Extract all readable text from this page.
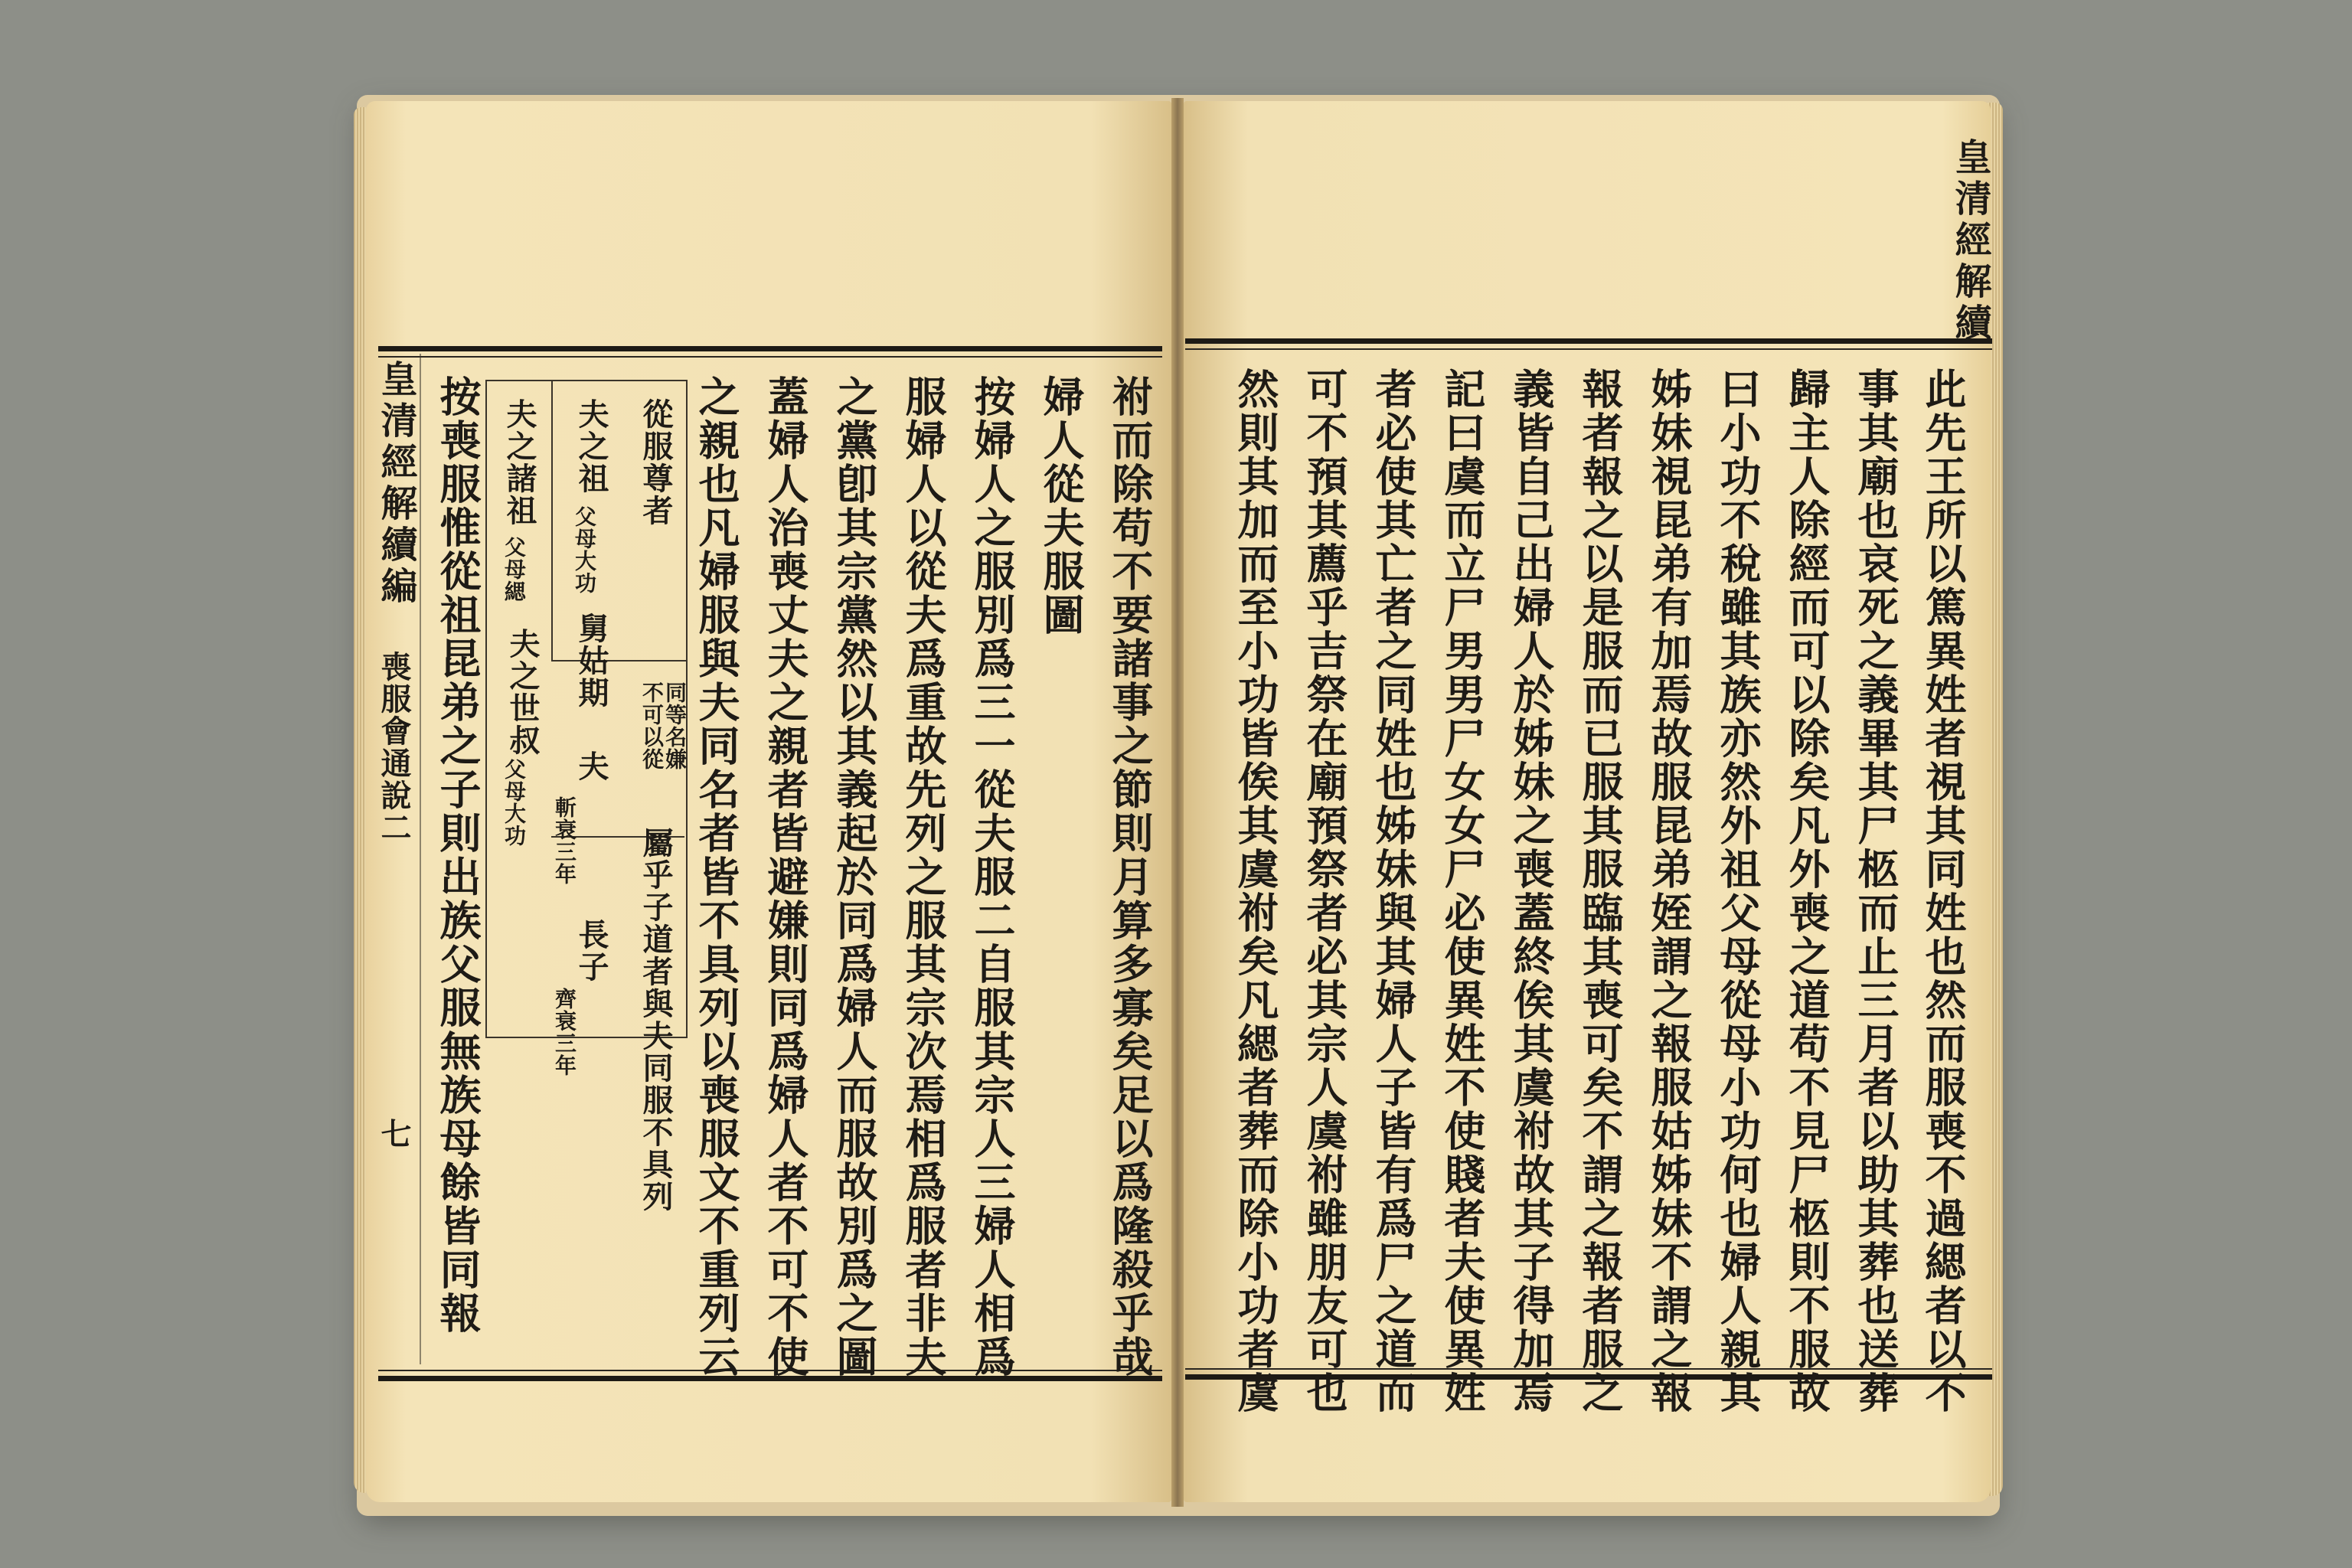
皇清經解續
此先王所以篤異姓者視其同姓也然而服喪不過緦者以不
事其廟也哀死之義畢其尸柩而止三月者以助其葬也送葬
歸主人除經而可以除矣凡外喪之道苟不見尸柩則不服故
曰小功不稅雖其族亦然外祖父母從母小功何也婦人親其
姊妹視昆弟有加焉故服昆弟姪謂之報服姑姊妹不謂之報
報者報之以是服而已服其服臨其喪可矣不謂之報者服之
義皆自己出婦人於姊妹之喪蓋終俟其虞祔故其子得加焉
記曰虞而立尸男男尸女女尸必使異姓不使賤者夫使異姓
者必使其亡者之同姓也姊妹與其婦人子皆有爲尸之道而
可不預其薦乎吉祭在廟預祭者必其宗人虞祔雖朋友可也
然則其加而至小功皆俟其虞祔矣凡緦者葬而除小功者虞
祔而除苟不要諸事之節則月算多寡矣足以爲隆殺乎哉
婦人從夫服圖
按婦人之服別爲三一從夫服二自服其宗人三婦人相爲
服婦人以從夫爲重故先列之服其宗次焉相爲服者非夫
之黨卽其宗黨然以其義起於同爲婦人而服故別爲之圖
蓋婦人治喪丈夫之親者皆避嫌則同爲婦人者不可不使
之親也凡婦服與夫同名者皆不具列以喪服文不重列云
從服尊者
屬乎子道者與夫同服不具列
同等名嫌
不可以從
夫之祖
父母大功
舅姑期
夫
斬衰三年
長子
齊衰三年
夫之諸祖
父母緦
夫之世叔
父母大功
按喪服惟從祖昆弟之子則出族父服無族母餘皆同報
皇清經解續編
喪服會通說二
七
